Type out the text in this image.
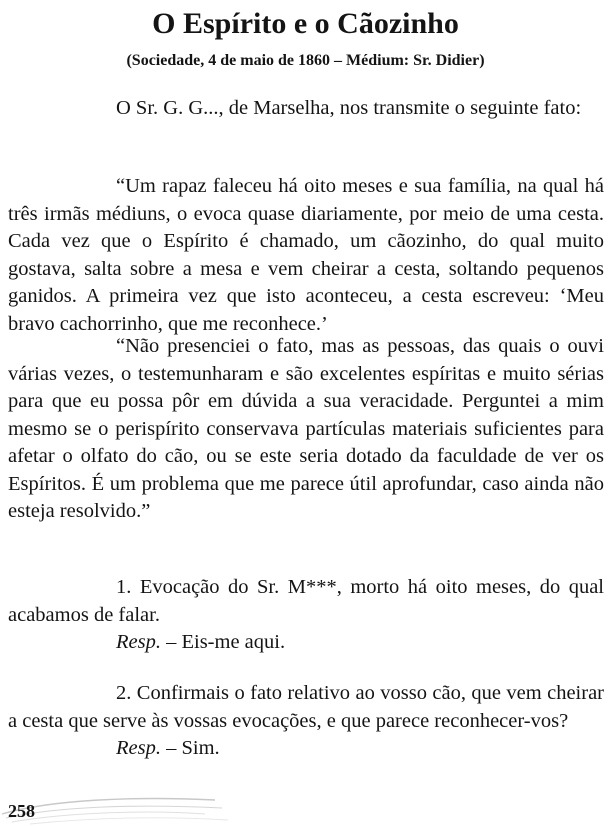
O Espírito e o Cãozinho

(Sociedade, 4 de maio de 1860 – Médium: Sr. Didier)

O Sr. G. G..., de Marselha, nos transmite o seguinte fato:

“Um rapaz faleceu há oito meses e sua família, na qual há três irmãs médiuns, o evoca quase diariamente, por meio de uma cesta. Cada vez que o Espírito é chamado, um cãozinho, do qual muito gostava, salta sobre a mesa e vem cheirar a cesta, soltando pequenos ganidos. A primeira vez que isto aconteceu, a cesta escreveu: ‘Meu bravo cachorrinho, que me reconhece.’

“Não presenciei o fato, mas as pessoas, das quais o ouvi várias vezes, o testemunharam e são excelentes espíritas e muito sérias para que eu possa pôr em dúvida a sua veracidade. Perguntei a mim mesmo se o perispírito conservava partículas materiais suficientes para afetar o olfato do cão, ou se este seria dotado da faculdade de ver os Espíritos. É um problema que me parece útil aprofundar, caso ainda não esteja resolvido.”

1. Evocação do Sr. M***, morto há oito meses, do qual acabamos de falar.

Resp. – Eis-me aqui.

2. Confirmais o fato relativo ao vosso cão, que vem cheirar a cesta que serve às vossas evocações, e que parece reconhecer-vos?

Resp. – Sim.

258
